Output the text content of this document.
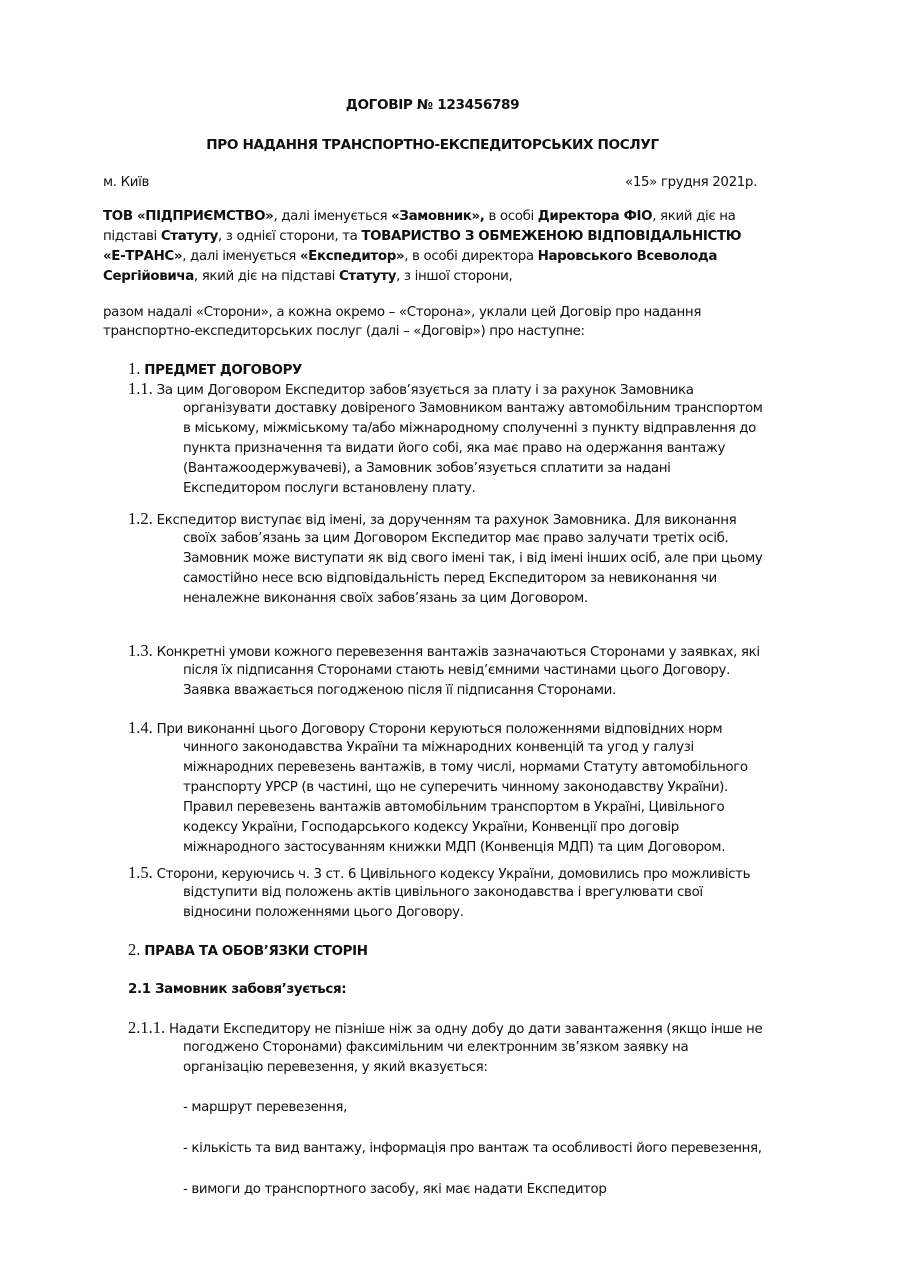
ДОГОВІР № 123456789
ПРО НАДАННЯ ТРАНСПОРТНО-ЕКСПЕДИТОРСЬКИХ ПОСЛУГ
м. Київ	«15» грудня 2021р.
ТОВ «ПІДПРИЄМСТВО», далі іменується «Замовник», в особі Директора ФІО, який діє на
підставі Статуту, з однієї сторони, та ТОВАРИСТВО З ОБМЕЖЕНОЮ ВІДПОВІДАЛЬНІСТЮ
«Е-ТРАНС», далі іменується «Експедитор», в особі директора Наровського Всеволода
Сергійовича, який діє на підставі Статуту, з іншої сторони,
разом надалі «Сторони», а кожна окремо – «Сторона», уклали цей Договір про надання
транспортно-експедиторських послуг (далі – «Договір») про наступне:
1. ПРЕДМЕТ ДОГОВОРУ
1.1. За цим Договором Експедитор забов’язується за плату і за рахунок Замовника
організувати доставку довіреного Замовником вантажу автомобільним транспортом
в міському, міжміському та/або міжнародному сполученні з пункту відправлення до
пункта призначення та видати його собі, яка має право на одержання вантажу
(Вантажоодержувачеві), а Замовник зобов’язується сплатити за надані
Експедитором послуги встановлену плату.
1.2. Експедитор виступає від імені, за дорученням та рахунок Замовника. Для виконання
своїх забов’язань за цим Договором Експедитор має право залучати третіх осіб.
Замовник може виступати як від свого імені так, і від імені інших осіб, але при цьому
самостійно несе всю відповідальність перед Експедитором за невиконання чи
неналежне виконання своїх забов’язань за цим Договором.
1.3. Конкретні умови кожного перевезення вантажів зазначаються Сторонами у заявках, які
після їх підписання Сторонами стають невід’ємними частинами цього Договору.
Заявка вважається погодженою після її підписання Сторонами.
1.4. При виконанні цього Договору Сторони керуються положеннями відповідних норм
чинного законодавства України та міжнародних конвенцій та угод у галузі
міжнародних перевезень вантажів, в тому числі, нормами Статуту автомобільного
транспорту УРСР (в частині, що не суперечить чинному законодавству України).
Правил перевезень вантажів автомобільним транспортом в Україні, Цивільного
кодексу України, Господарського кодексу України, Конвенції про договір
міжнародного застосуванням книжки МДП (Конвенція МДП) та цим Договором.
1.5. Сторони, керуючись ч. 3 ст. 6 Цивільного кодексу України, домовились про можливість
відступити від положень актів цивільного законодавства і врегулювати свої
відносини положеннями цього Договору.
2. ПРАВА ТА ОБОВ’ЯЗКИ СТОРІН
2.1 Замовник забовя’зується:
2.1.1. Надати Експедитору не пізніше ніж за одну добу до дати завантаження (якщо інше не
погоджено Сторонами) факсимільним чи електронним зв’язком заявку на
організацію перевезення, у який вказується:
- маршрут перевезення,
- кількість та вид вантажу, інформація про вантаж та особливості його перевезення,
- вимоги до транспортного засобу, які має надати Експедитор
